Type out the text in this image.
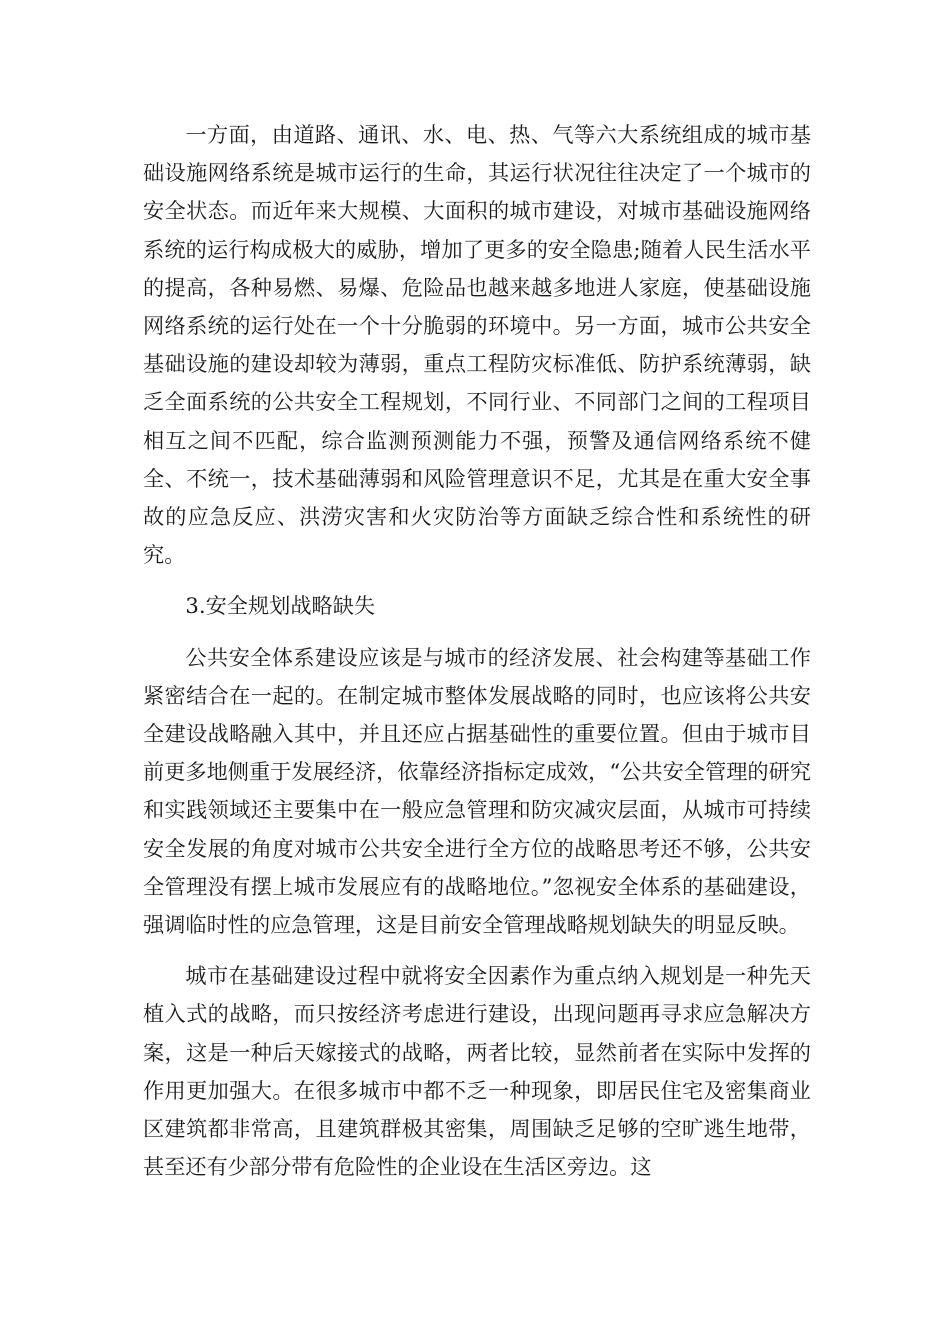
一方面，由道路、通讯、水、电、热、气等六大系统组成的城市基础设施网络系统是城市运行的生命，其运行状况往往决定了一个城市的安全状态。而近年来大规模、大面积的城市建设，对城市基础设施网络系统的运行构成极大的威胁，增加了更多的安全隐患;随着人民生活水平的提高，各种易燃、易爆、危险品也越来越多地进人家庭，使基础设施网络系统的运行处在一个十分脆弱的环境中。另一方面，城市公共安全基础设施的建设却较为薄弱，重点工程防灾标准低、防护系统薄弱，缺乏全面系统的公共安全工程规划，不同行业、不同部门之间的工程项目相互之间不匹配，综合监测预测能力不强，预警及通信网络系统不健全、不统一，技术基础薄弱和风险管理意识不足，尤其是在重大安全事故的应急反应、洪涝灾害和火灾防治等方面缺乏综合性和系统性的研究。

3.安全规划战略缺失

公共安全体系建设应该是与城市的经济发展、社会构建等基础工作紧密结合在一起的。在制定城市整体发展战略的同时，也应该将公共安全建设战略融入其中，并且还应占据基础性的重要位置。但由于城市目前更多地侧重于发展经济，依靠经济指标定成效，“公共安全管理的研究和实践领域还主要集中在一般应急管理和防灾减灾层面，从城市可持续安全发展的角度对城市公共安全进行全方位的战略思考还不够，公共安全管理没有摆上城市发展应有的战略地位。”忽视安全体系的基础建设，强调临时性的应急管理，这是目前安全管理战略规划缺失的明显反映。

城市在基础建设过程中就将安全因素作为重点纳入规划是一种先天植入式的战略，而只按经济考虑进行建设，出现问题再寻求应急解决方案，这是一种后天嫁接式的战略，两者比较，显然前者在实际中发挥的作用更加强大。在很多城市中都不乏一种现象，即居民住宅及密集商业区建筑都非常高，且建筑群极其密集，周围缺乏足够的空旷逃生地带，甚至还有少部分带有危险性的企业设在生活区旁边。这
